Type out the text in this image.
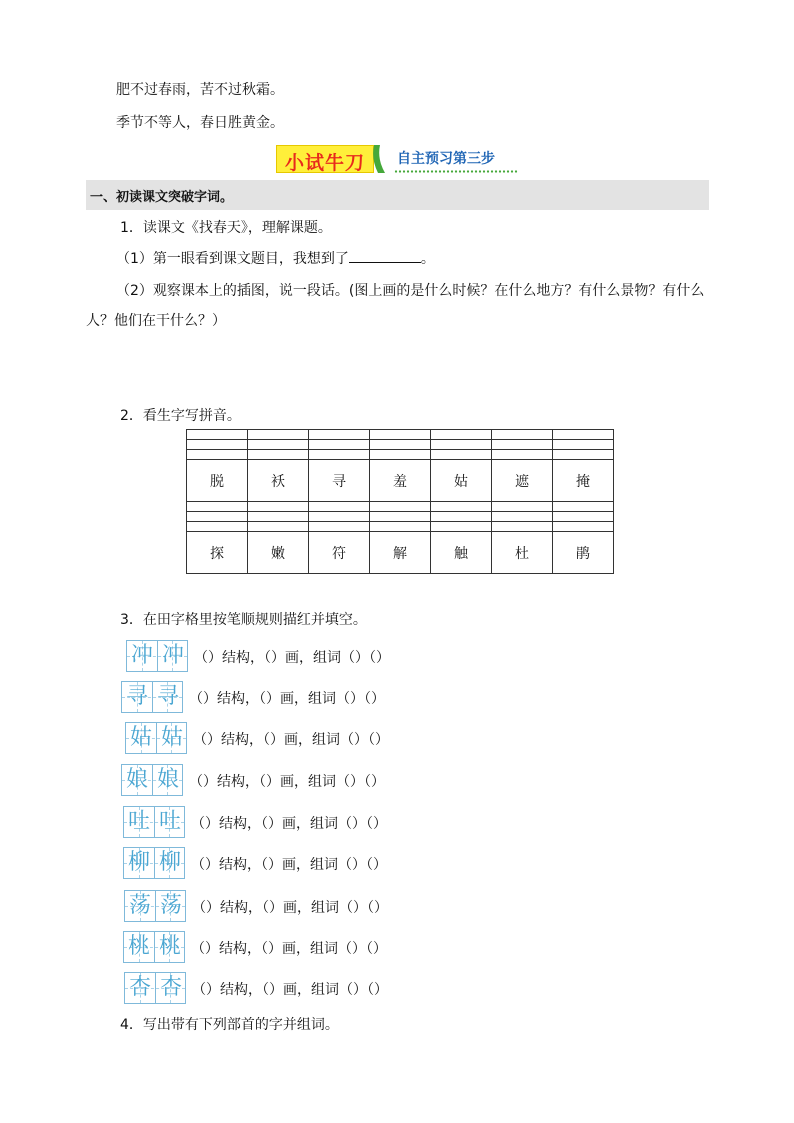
肥不过春雨，苦不过秋霜。
季节不等人，春日胜黄金。
小试牛刀	自主预习第三步
一、初读课文突破字词。
1．读课文《找春天》，理解课题。
（1）第一眼看到课文题目，我想到了	。
（2）观察课本上的插图，说一段话。(图上画的是什么时候？在什么地方？有什么景物？有什么
人？他们在干什么？）
2．看生字写拼音。

脱	袄	寻	羞	姑	遮	掩

探	嫩	符	解	触	杜	鹃
3．在田字格里按笔顺规则描红并填空。
冲 冲 （）结构，（）画，组词（）（）
寻 寻 （）结构，（）画，组词（）（）
姑 姑 （）结构，（）画，组词（）（）
娘 娘 （）结构，（）画，组词（）（）
吐 吐 （）结构，（）画，组词（）（）
柳 柳 （）结构，（）画，组词（）（）
荡 荡 （）结构，（）画，组词（）（）
桃 桃 （）结构，（）画，组词（）（）
杏 杏 （）结构，（）画，组词（）（）
4．写出带有下列部首的字并组词。
